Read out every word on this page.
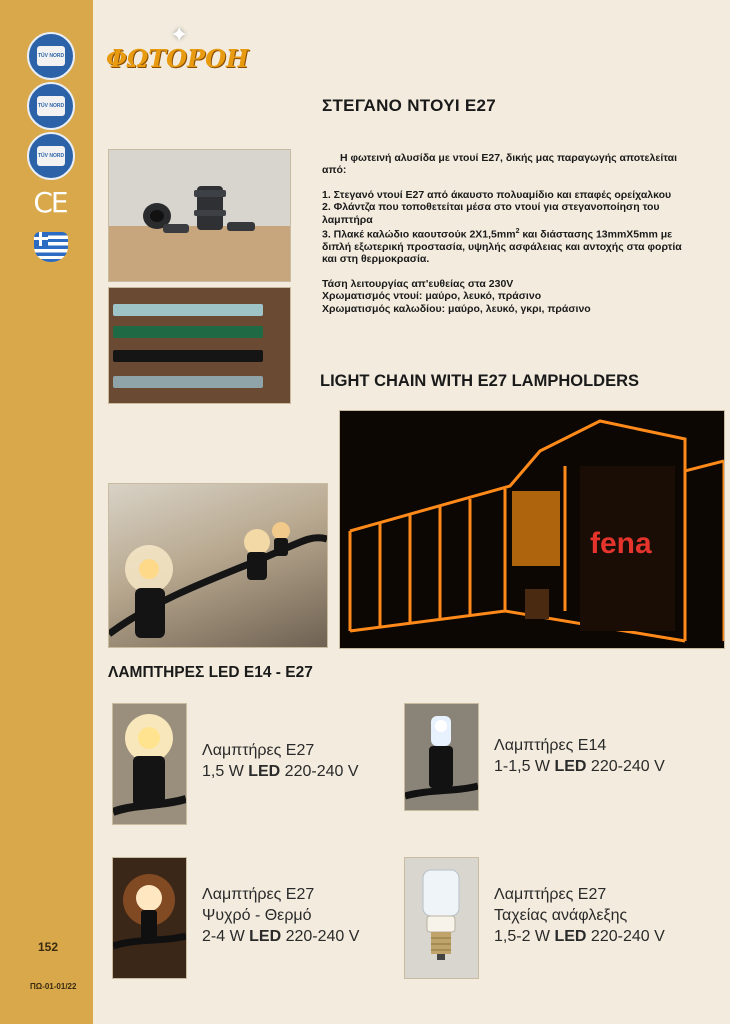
TÜV NORD
TÜV NORD
TÜV NORD
CE
152
ΠΩ-01-01/22
✦
ΦΩΤΟΡΟΗ
ΣΤΕΓΑΝΟ ΝΤΟΥΙ Ε27

Η φωτεινή αλυσίδα με ντουί Ε27, δικής μας παραγωγής αποτελείται από:

1. Στεγανό ντουί Ε27 από άκαυστο πολυαμίδιο και επαφές ορείχαλκου

2. Φλάντζα που τοποθετείται μέσα στο ντουί για στεγανοποίηση του λαμπτήρα

3. Πλακέ καλώδιο καουτσούκ $2X1,5mm^2$ και διάστασης 13mmX5mm με διπλή εξωτερική προστασία, υψηλής ασφάλειας και αντοχής στα φορτία και στη θερμοκρασία.

Τάση λειτουργίας απ'ευθείας στα 230V

Χρωματισμός ντουί: μαύρο, λευκό, πράσινο

Χρωματισμός καλωδίου: μαύρο, λευκό, γκρι, πράσινο

LIGHT CHAIN WITH E27 LAMPHOLDERS
fena
ΛΑΜΠΤΗΡΕΣ LED E14 - E27
Λαμπτήρες Ε27
1,5 W LED 220-240 V
Λαμπτήρες Ε14
1-1,5 W LED 220-240 V
Λαμπτήρες Ε27
Ψυχρό - Θερμό
2-4 W LED 220-240 V
Λαμπτήρες Ε27
Ταχείας ανάφλεξης
1,5-2 W LED 220-240 V
